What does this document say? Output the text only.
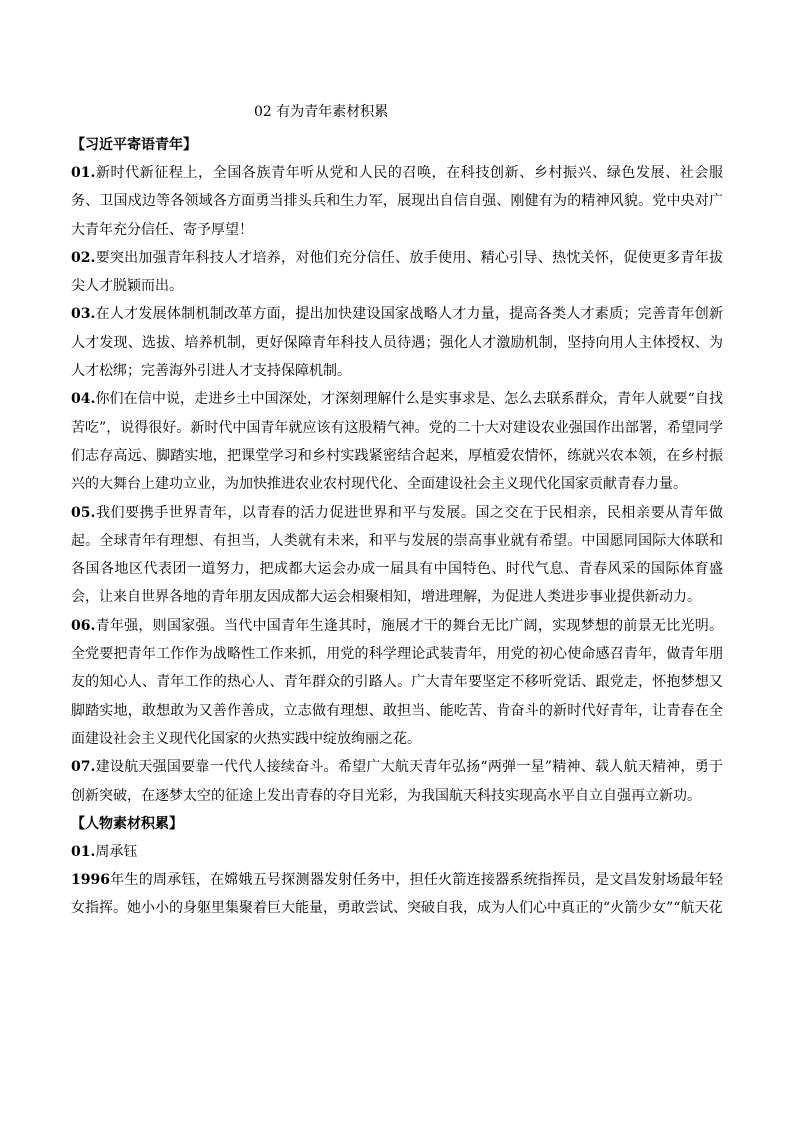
02 有为青年素材积累
【习近平寄语青年】

01.新时代新征程上，全国各族青年听从党和人民的召唤，在科技创新、乡村振兴、绿色发展、社会服务、卫国戍边等各领域各方面勇当排头兵和生力军，展现出自信自强、刚健有为的精神风貌。党中央对广大青年充分信任、寄予厚望！

02.要突出加强青年科技人才培养，对他们充分信任、放手使用、精心引导、热忱关怀，促使更多青年拔尖人才脱颖而出。

03.在人才发展体制机制改革方面，提出加快建设国家战略人才力量，提高各类人才素质；完善青年创新人才发现、选拔、培养机制，更好保障青年科技人员待遇；强化人才激励机制，坚持向用人主体授权、为人才松绑；完善海外引进人才支持保障机制。

04.你们在信中说，走进乡土中国深处，才深刻理解什么是实事求是、怎么去联系群众，青年人就要“自找苦吃”，说得很好。新时代中国青年就应该有这股精气神。党的二十大对建设农业强国作出部署，希望同学们志存高远、脚踏实地，把课堂学习和乡村实践紧密结合起来，厚植爱农情怀，练就兴农本领，在乡村振兴的大舞台上建功立业，为加快推进农业农村现代化、全面建设社会主义现代化国家贡献青春力量。

05.我们要携手世界青年，以青春的活力促进世界和平与发展。国之交在于民相亲，民相亲要从青年做起。全球青年有理想、有担当，人类就有未来，和平与发展的崇高事业就有希望。中国愿同国际大体联和各国各地区代表团一道努力，把成都大运会办成一届具有中国特色、时代气息、青春风采的国际体育盛会，让来自世界各地的青年朋友因成都大运会相聚相知，增进理解，为促进人类进步事业提供新动力。

06.青年强，则国家强。当代中国青年生逢其时，施展才干的舞台无比广阔，实现梦想的前景无比光明。全党要把青年工作作为战略性工作来抓，用党的科学理论武装青年，用党的初心使命感召青年，做青年朋友的知心人、青年工作的热心人、青年群众的引路人。广大青年要坚定不移听党话、跟党走，怀抱梦想又脚踏实地，敢想敢为又善作善成，立志做有理想、敢担当、能吃苦、肯奋斗的新时代好青年，让青春在全面建设社会主义现代化国家的火热实践中绽放绚丽之花。

07.建设航天强国要靠一代代人接续奋斗。希望广大航天青年弘扬“两弹一星”精神、载人航天精神，勇于创新突破，在逐梦太空的征途上发出青春的夺目光彩，为我国航天科技实现高水平自立自强再立新功。

【人物素材积累】

01.周承钰

1996年生的周承钰，在嫦娥五号探测器发射任务中，担任火箭连接器系统指挥员，是文昌发射场最年轻女指挥。她小小的身躯里集聚着巨大能量，勇敢尝试、突破自我，成为人们心中真正的“火箭少女”“航天花
